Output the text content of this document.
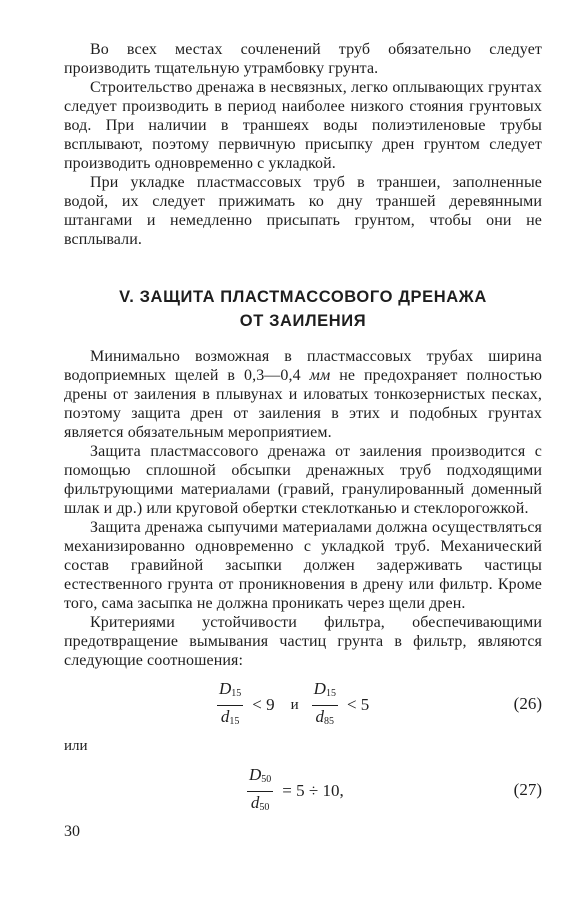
Во всех местах сочленений труб обязательно следует производить тщательную утрамбовку грунта.

Строительство дренажа в несвязных, легко оплывающих грунтах следует производить в период наиболее низкого стояния грунтовых вод. При наличии в траншеях воды полиэтиленовые трубы всплывают, поэтому первичную присыпку дрен грунтом следует производить одновременно с укладкой.

При укладке пластмассовых труб в траншеи, заполненные водой, их следует прижимать ко дну траншей деревянными штангами и немедленно присыпать грунтом, чтобы они не всплывали.

V. ЗАЩИТА ПЛАСТМАССОВОГО ДРЕНАЖА
ОТ ЗАИЛЕНИЯ

Минимально возможная в пластмассовых трубах ширина водоприемных щелей в 0,3—0,4 мм не предохраняет полностью дрены от заиления в плывунах и иловатых тонкозернистых песках, поэтому защита дрен от заиления в этих и подобных грунтах является обязательным мероприятием.

Защита пластмассового дренажа от заиления производится с помощью сплошной обсыпки дренажных труб подходящими фильтрующими материалами (гравий, гранулированный доменный шлак и др.) или круговой обертки стеклотканью и стеклорогожкой.

Защита дренажа сыпучими материалами должна осуществляться механизированно одновременно с укладкой труб. Механический состав гравийной засыпки должен задерживать частицы естественного грунта от проникновения в дрену или фильтр. Кроме того, сама засыпка не должна проникать через щели дрен.

Критериями устойчивости фильтра, обеспечивающими предотвращение вымывания частиц грунта в фильтр, являются следующие соотношения:

$\frac{D_{15}}{d_{15}} < 9$ и $\frac{D_{15}}{d_{85}} < 5$	(26)

или

$\frac{D_{50}}{d_{50}} = 5 \div 10$,	(27)
30
